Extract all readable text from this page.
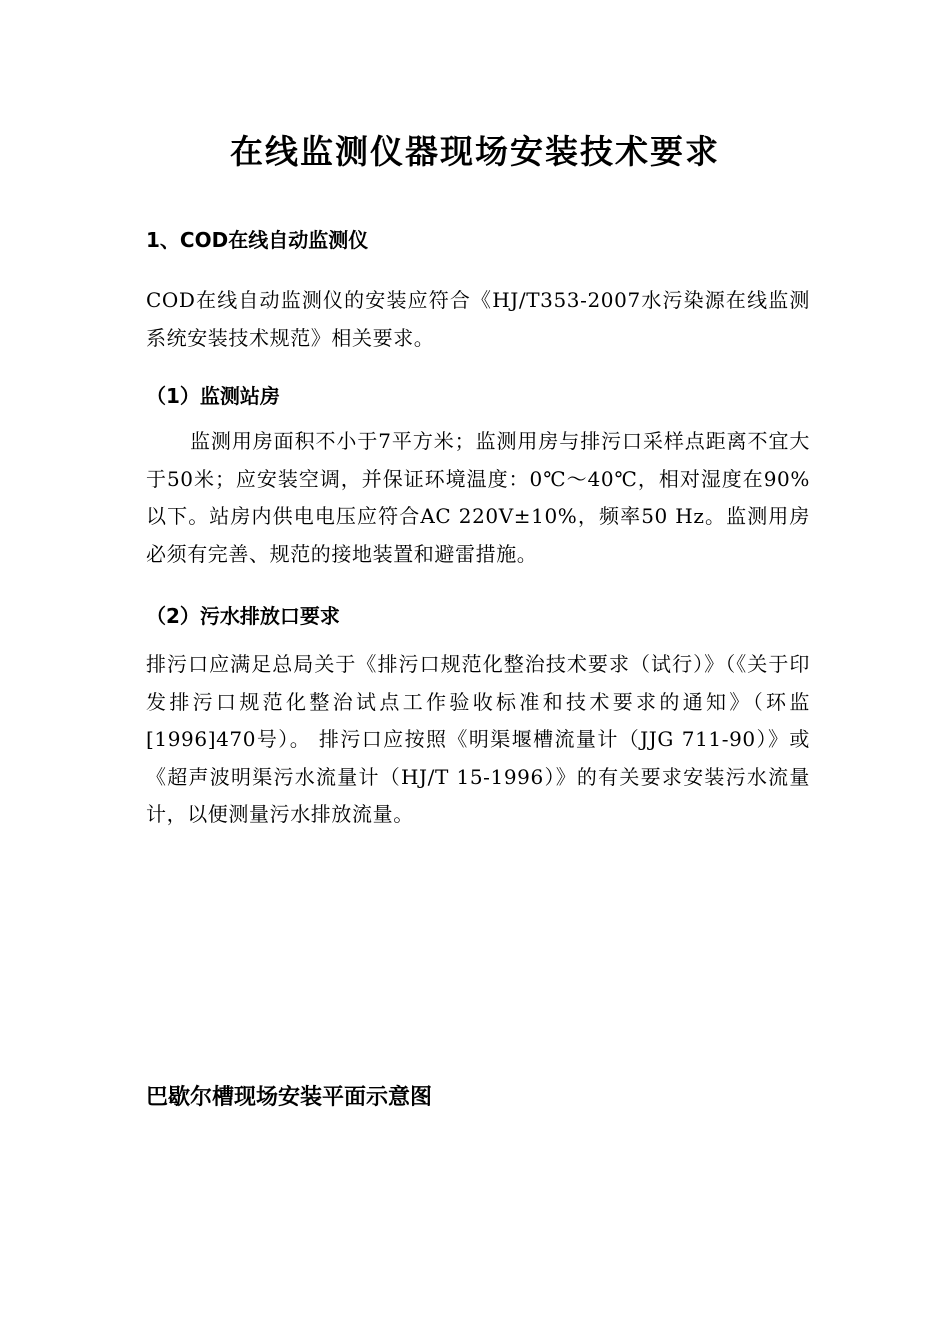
在线监测仪器现场安装技术要求
1、COD在线自动监测仪

COD在线自动监测仪的安装应符合《HJ/T353-2007水污染源在线监测系统安装技术规范》相关要求。

（1）监测站房

监测用房面积不小于7平方米；监测用房与排污口采样点距离不宜大于50米；应安装空调，并保证环境温度：0℃～40℃，相对湿度在90%以下。站房内供电电压应符合AC 220V±10%，频率50 Hz。监测用房必须有完善、规范的接地装置和避雷措施。

（2）污水排放口要求

排污口应满足总局关于《排污口规范化整治技术要求（试行）》（《关于印发排污口规范化整治试点工作验收标准和技术要求的通知》（环监[1996]470号）。 排污口应按照《明渠堰槽流量计（JJG 711-90）》或《超声波明渠污水流量计（HJ/T 15-1996）》的有关要求安装污水流量计，以便测量污水排放流量。

巴歇尔槽现场安装平面示意图
